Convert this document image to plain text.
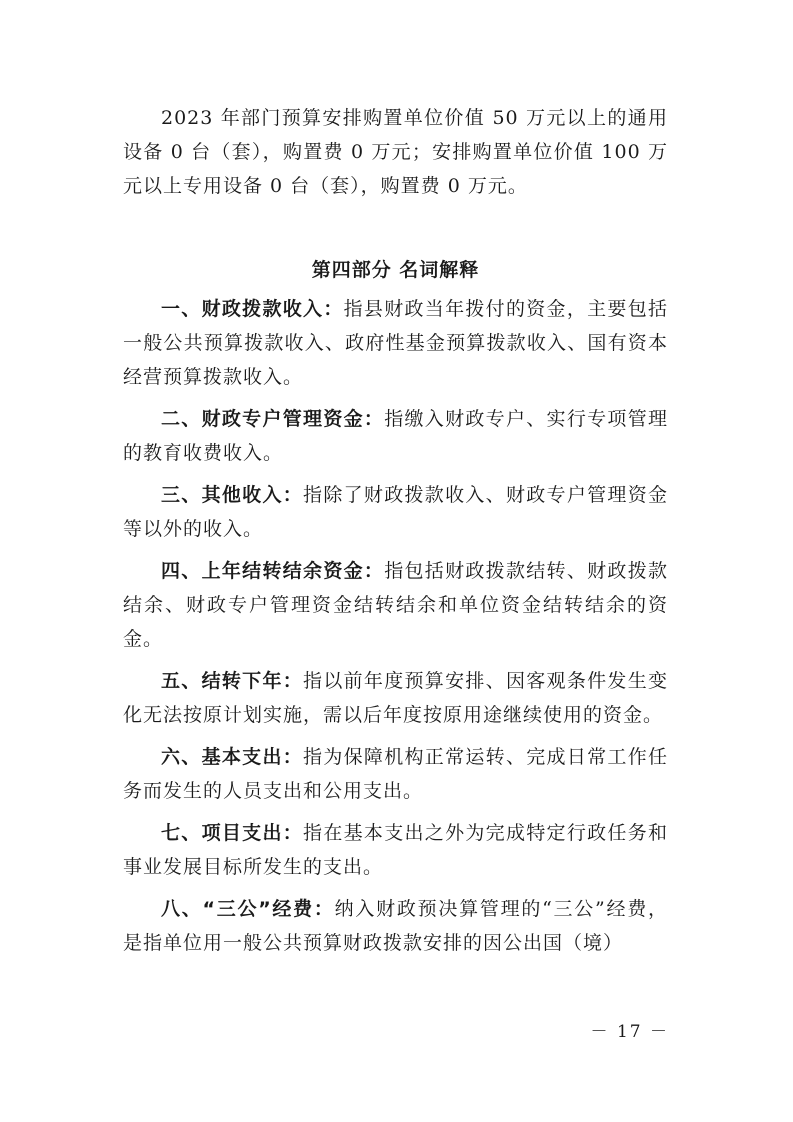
2023 年部门预算安排购置单位价值 50 万元以上的通用设备 0 台（套），购置费 0 万元；安排购置单位价值 100 万元以上专用设备 0 台（套），购置费 0 万元。

第四部分 名词解释

一、财政拨款收入：指县财政当年拨付的资金，主要包括一般公共预算拨款收入、政府性基金预算拨款收入、国有资本经营预算拨款收入。

二、财政专户管理资金：指缴入财政专户、实行专项管理的教育收费收入。

三、其他收入：指除了财政拨款收入、财政专户管理资金等以外的收入。

四、上年结转结余资金：指包括财政拨款结转、财政拨款结余、财政专户管理资金结转结余和单位资金结转结余的资金。

五、结转下年：指以前年度预算安排、因客观条件发生变化无法按原计划实施，需以后年度按原用途继续使用的资金。

六、基本支出：指为保障机构正常运转、完成日常工作任务而发生的人员支出和公用支出。

七、项目支出：指在基本支出之外为完成特定行政任务和事业发展目标所发生的支出。

八、“三公”经费：纳入财政预决算管理的“三公”经费，是指单位用一般公共预算财政拨款安排的因公出国（境）

－ 17 －
